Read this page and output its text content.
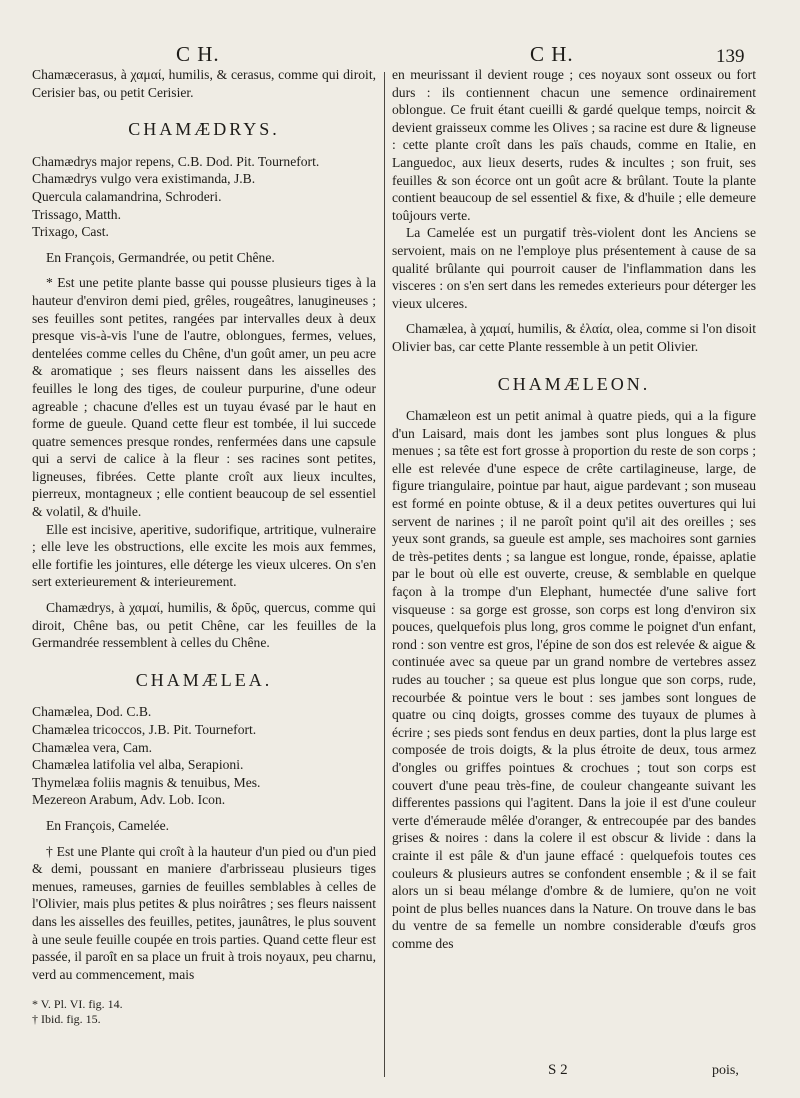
C H.	C H.	139

Chamæcerasus, à χαμαί, humilis, & cerasus, comme qui diroit, Cerisier bas, ou petit Cerisier.

CHAMÆDRYS.

Chamædrys major repens, C.B. Dod. Pit. Tournefort.

Chamædrys vulgo vera existimanda, J.B.

Quercula calamandrina, Schroderi.

Trissago, Matth.

Trixago, Cast.

En François, Germandrée, ou petit Chêne.

* Est une petite plante basse qui pousse plusieurs tiges à la hauteur d'environ demi pied, grêles, rougeâtres, lanugineuses ; ses feuilles sont petites, rangées par intervalles deux à deux presque vis-à-vis l'une de l'autre, oblongues, fermes, velues, dentelées comme celles du Chêne, d'un goût amer, un peu acre & aromatique ; ses fleurs naissent dans les aisselles des feuilles le long des tiges, de couleur purpurine, d'une odeur agreable ; chacune d'elles est un tuyau évasé par le haut en forme de gueule. Quand cette fleur est tombée, il lui succede quatre semences presque rondes, renfermées dans une capsule qui a servi de calice à la fleur : ses racines sont petites, ligneuses, fibrées. Cette plante croît aux lieux incultes, pierreux, montagneux ; elle contient beaucoup de sel essentiel & volatil, & d'huile.

Elle est incisive, aperitive, sudorifique, artritique, vulneraire ; elle leve les obstructions, elle excite les mois aux femmes, elle fortifie les jointures, elle déterge les vieux ulceres. On s'en sert exterieurement & interieurement.

Chamædrys, à χαμαί, humilis, & δρῦς, quercus, comme qui diroit, Chêne bas, ou petit Chêne, car les feuilles de la Germandrée ressemblent à celles du Chêne.

CHAMÆLEA.

Chamælea, Dod. C.B.

Chamælea tricoccos, J.B. Pit. Tournefort.

Chamælea vera, Cam.

Chamælea latifolia vel alba, Serapioni.

Thymelæa foliis magnis & tenuibus, Mes.

Mezereon Arabum, Adv. Lob. Icon.

En François, Camelée.

† Est une Plante qui croît à la hauteur d'un pied ou d'un pied & demi, poussant en maniere d'arbrisseau plusieurs tiges menues, rameuses, garnies de feuilles semblables à celles de l'Olivier, mais plus petites & plus noirâtres ; ses fleurs naissent dans les aisselles des feuilles, petites, jaunâtres, le plus souvent à une seule feuille coupée en trois parties. Quand cette fleur est passée, il paroît en sa place un fruit à trois noyaux, peu charnu, verd au commencement, mais

* V. Pl. VI. fig. 14.
† Ibid. fig. 15.

en meurissant il devient rouge ; ces noyaux sont osseux ou fort durs : ils contiennent chacun une semence ordinairement oblongue. Ce fruit étant cueilli & gardé quelque temps, noircit & devient graisseux comme les Olives ; sa racine est dure & ligneuse : cette plante croît dans les païs chauds, comme en Italie, en Languedoc, aux lieux deserts, rudes & incultes ; son fruit, ses feuilles & son écorce ont un goût acre & brûlant. Toute la plante contient beaucoup de sel essentiel & fixe, & d'huile ; elle demeure toûjours verte.

La Camelée est un purgatif très-violent dont les Anciens se servoient, mais on ne l'employe plus présentement à cause de sa qualité brûlante qui pourroit causer de l'inflammation dans les visceres : on s'en sert dans les remedes exterieurs pour déterger les vieux ulceres.

Chamælea, à χαμαί, humilis, & ἐλαία, olea, comme si l'on disoit Olivier bas, car cette Plante ressemble à un petit Olivier.

CHAMÆLEON.

Chamæleon est un petit animal à quatre pieds, qui a la figure d'un Laisard, mais dont les jambes sont plus longues & plus menues ; sa tête est fort grosse à proportion du reste de son corps ; elle est relevée d'une espece de crête cartilagineuse, large, de figure triangulaire, pointue par haut, aigue pardevant ; son museau est formé en pointe obtuse, & il a deux petites ouvertures qui lui servent de narines ; il ne paroît point qu'il ait des oreilles ; ses yeux sont grands, sa gueule est ample, ses machoires sont garnies de très-petites dents ; sa langue est longue, ronde, épaisse, aplatie par le bout où elle est ouverte, creuse, & semblable en quelque façon à la trompe d'un Elephant, humectée d'une salive fort visqueuse : sa gorge est grosse, son corps est long d'environ six pouces, quelquefois plus long, gros comme le poignet d'un enfant, rond : son ventre est gros, l'épine de son dos est relevée & aigue & continuée avec sa queue par un grand nombre de vertebres assez rudes au toucher ; sa queue est plus longue que son corps, rude, recourbée & pointue vers le bout : ses jambes sont longues de quatre ou cinq doigts, grosses comme des tuyaux de plumes à écrire ; ses pieds sont fendus en deux parties, dont la plus large est composée de trois doigts, & la plus étroite de deux, tous armez d'ongles ou griffes pointues & crochues ; tout son corps est couvert d'une peau très-fine, de couleur changeante suivant les differentes passions qui l'agitent. Dans la joie il est d'une couleur verte d'émeraude mêlée d'oranger, & entrecoupée par des bandes grises & noires : dans la colere il est obscur & livide : dans la crainte il est pâle & d'un jaune effacé : quelquefois toutes ces couleurs & plusieurs autres se confondent ensemble ; & il se fait alors un si beau mélange d'ombre & de lumiere, qu'on ne voit point de plus belles nuances dans la Nature. On trouve dans le bas du ventre de sa femelle un nombre considerable d'œufs gros comme des

S 2	pois,
